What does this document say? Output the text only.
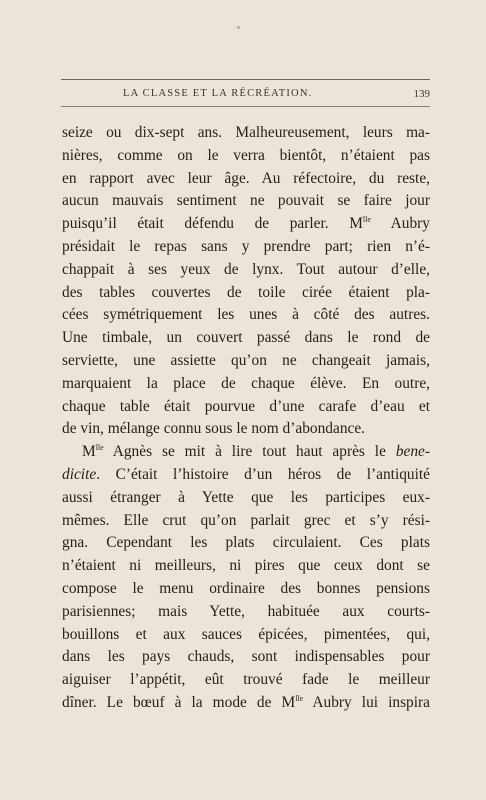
LA CLASSE ET LA RÉCRÉATION.	139
seize ou dix-sept ans. Malheureusement, leurs ma-
nières, comme on le verra bientôt, n’étaient pas
en rapport avec leur âge. Au réfectoire, du reste,
aucun mauvais sentiment ne pouvait se faire jour
puisqu’il était défendu de parler. $M^{lle}$ Aubry
présidait le repas sans y prendre part; rien n’é-
chappait à ses yeux de lynx. Tout autour d’elle,
des tables couvertes de toile cirée étaient pla-
cées symétriquement les unes à côté des autres.
Une timbale, un couvert passé dans le rond de
serviette, une assiette qu’on ne changeait jamais,
marquaient la place de chaque élève. En outre,
chaque table était pourvue d’une carafe d’eau et
de vin, mélange connu sous le nom d’abondance.
$M^{lle}$ Agnès se mit à lire tout haut après le bene-
dicite. C’était l’histoire d’un héros de l’antiquité
aussi étranger à Yette que les participes eux-
mêmes. Elle crut qu’on parlait grec et s’y rési-
gna. Cependant les plats circulaient. Ces plats
n’étaient ni meilleurs, ni pires que ceux dont se
compose le menu ordinaire des bonnes pensions
parisiennes; mais Yette, habituée aux courts-
bouillons et aux sauces épicées, pimentées, qui,
dans les pays chauds, sont indispensables pour
aiguiser l’appétit, eût trouvé fade le meilleur
dîner. Le bœuf à la mode de $M^{lle}$ Aubry lui inspira
